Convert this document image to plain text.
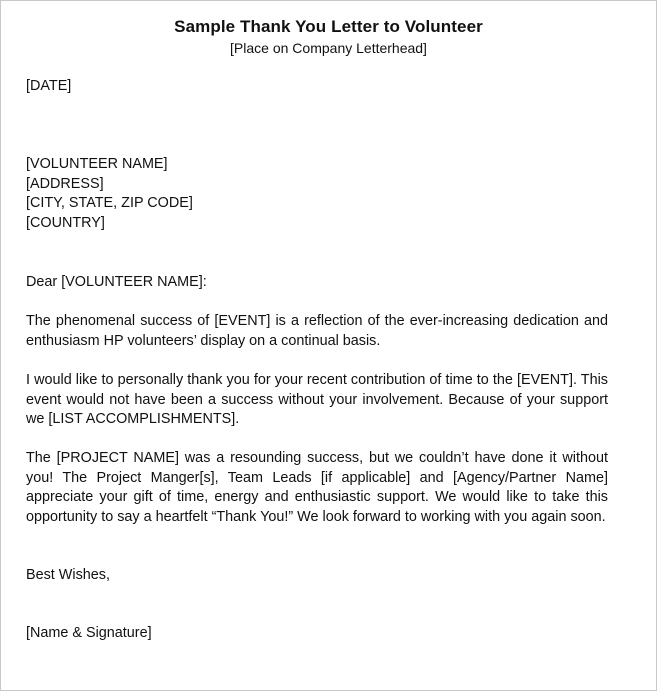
Sample Thank You Letter to Volunteer
[Place on Company Letterhead]
[DATE]
[VOLUNTEER NAME]
[ADDRESS]
[CITY, STATE, ZIP CODE]
[COUNTRY]
Dear [VOLUNTEER NAME]:
The phenomenal success of [EVENT] is a reflection of the ever-increasing dedication and enthusiasm HP volunteers’ display on a continual basis.
I would like to personally thank you for your recent contribution of time to the [EVENT]. This event would not have been a success without your involvement. Because of your support we [LIST ACCOMPLISHMENTS].
The [PROJECT NAME] was a resounding success, but we couldn’t have done it without you! The Project Manger[s], Team Leads [if applicable] and [Agency/Partner Name] appreciate your gift of time, energy and enthusiastic support. We would like to take this opportunity to say a heartfelt “Thank You!” We look forward to working with you again soon.
Best Wishes,
[Name & Signature]
